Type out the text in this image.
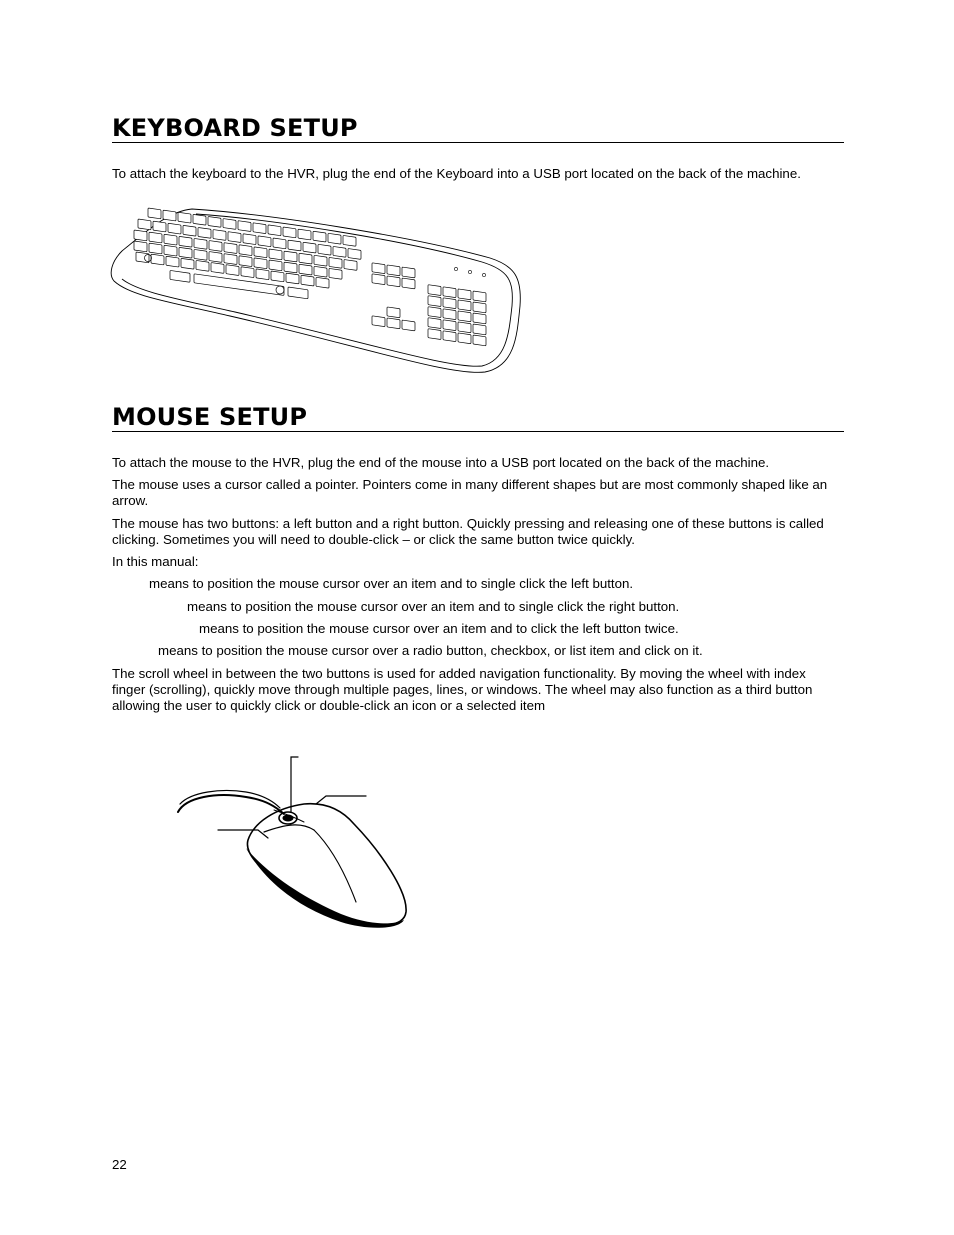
KEYBOARD SETUP

To attach the keyboard to the HVR, plug the end of the Keyboard into a USB port located on the back of the machine.

MOUSE SETUP

To attach the mouse to the HVR, plug the end of the mouse into a USB port located on the back of the machine.

The mouse uses a cursor called a pointer. Pointers come in many different shapes but are most commonly shaped like an arrow.

The mouse has two buttons: a left button and a right button. Quickly pressing and releasing one of these buttons is called clicking. Sometimes you will need to double-click – or click the same button twice quickly.

In this manual:

means to position the mouse cursor over an item and to single click the left button.

means to position the mouse cursor over an item and to single click the right button.

means to position the mouse cursor over an item and to click the left button twice.

means to position the mouse cursor over a radio button, checkbox, or list item and click on it.

The scroll wheel in between the two buttons is used for added navigation functionality. By moving the wheel with index finger (scrolling), quickly move through multiple pages, lines, or windows. The wheel may also function as a third button allowing the user to quickly click or double-click an icon or a selected item

22
